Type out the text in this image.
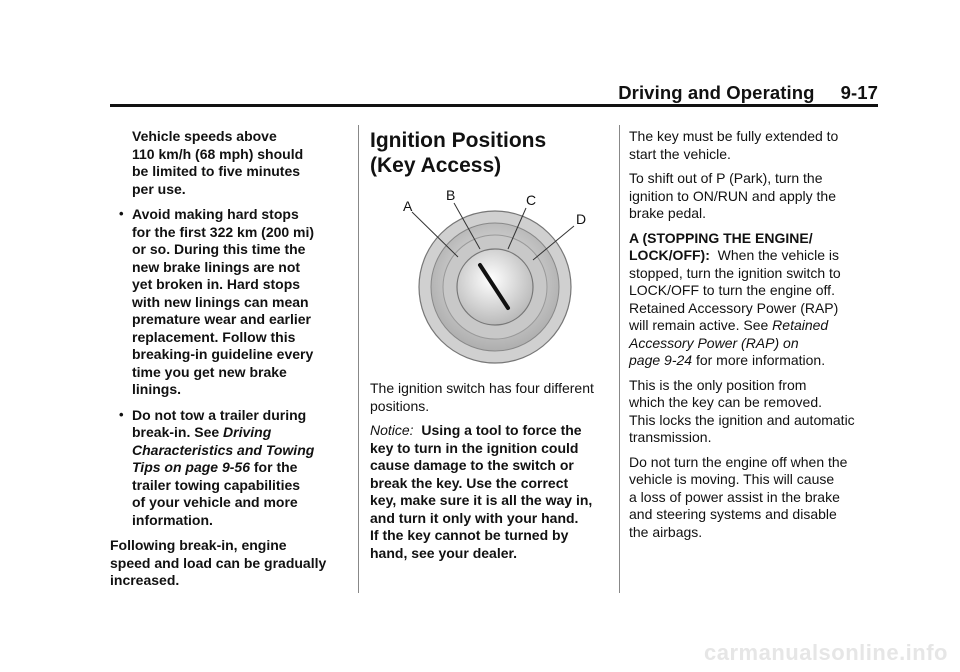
Driving and Operating 9-17

Vehicle speeds above
110 km/h (68 mph) should
be limited to five minutes
per use.

• Avoid making hard stops
for the first 322 km (200 mi)
or so. During this time the
new brake linings are not
yet broken in. Hard stops
with new linings can mean
premature wear and earlier
replacement. Follow this
breaking-in guideline every
time you get new brake
linings.
• Do not tow a trailer during
break-in. See Driving
Characteristics and Towing
Tips on page 9-56 for the
trailer towing capabilities
of your vehicle and more
information.

Following break-in, engine
speed and load can be gradually
increased.

Ignition Positions
(Key Access)
A
B	C
D

The ignition switch has four different
positions.

Notice:  Using a tool to force the
key to turn in the ignition could
cause damage to the switch or
break the key. Use the correct
key, make sure it is all the way in,
and turn it only with your hand.
If the key cannot be turned by
hand, see your dealer.

The key must be fully extended to
start the vehicle.

To shift out of P (Park), turn the
ignition to ON/RUN and apply the
brake pedal.

A (STOPPING THE ENGINE/
LOCK/OFF):  When the vehicle is
stopped, turn the ignition switch to
LOCK/OFF to turn the engine off.
Retained Accessory Power (RAP)
will remain active. See Retained
Accessory Power (RAP) on
page 9-24 for more information.

This is the only position from
which the key can be removed.
This locks the ignition and automatic
transmission.

Do not turn the engine off when the
vehicle is moving. This will cause
a loss of power assist in the brake
and steering systems and disable
the airbags.

carmanualsonline.info
